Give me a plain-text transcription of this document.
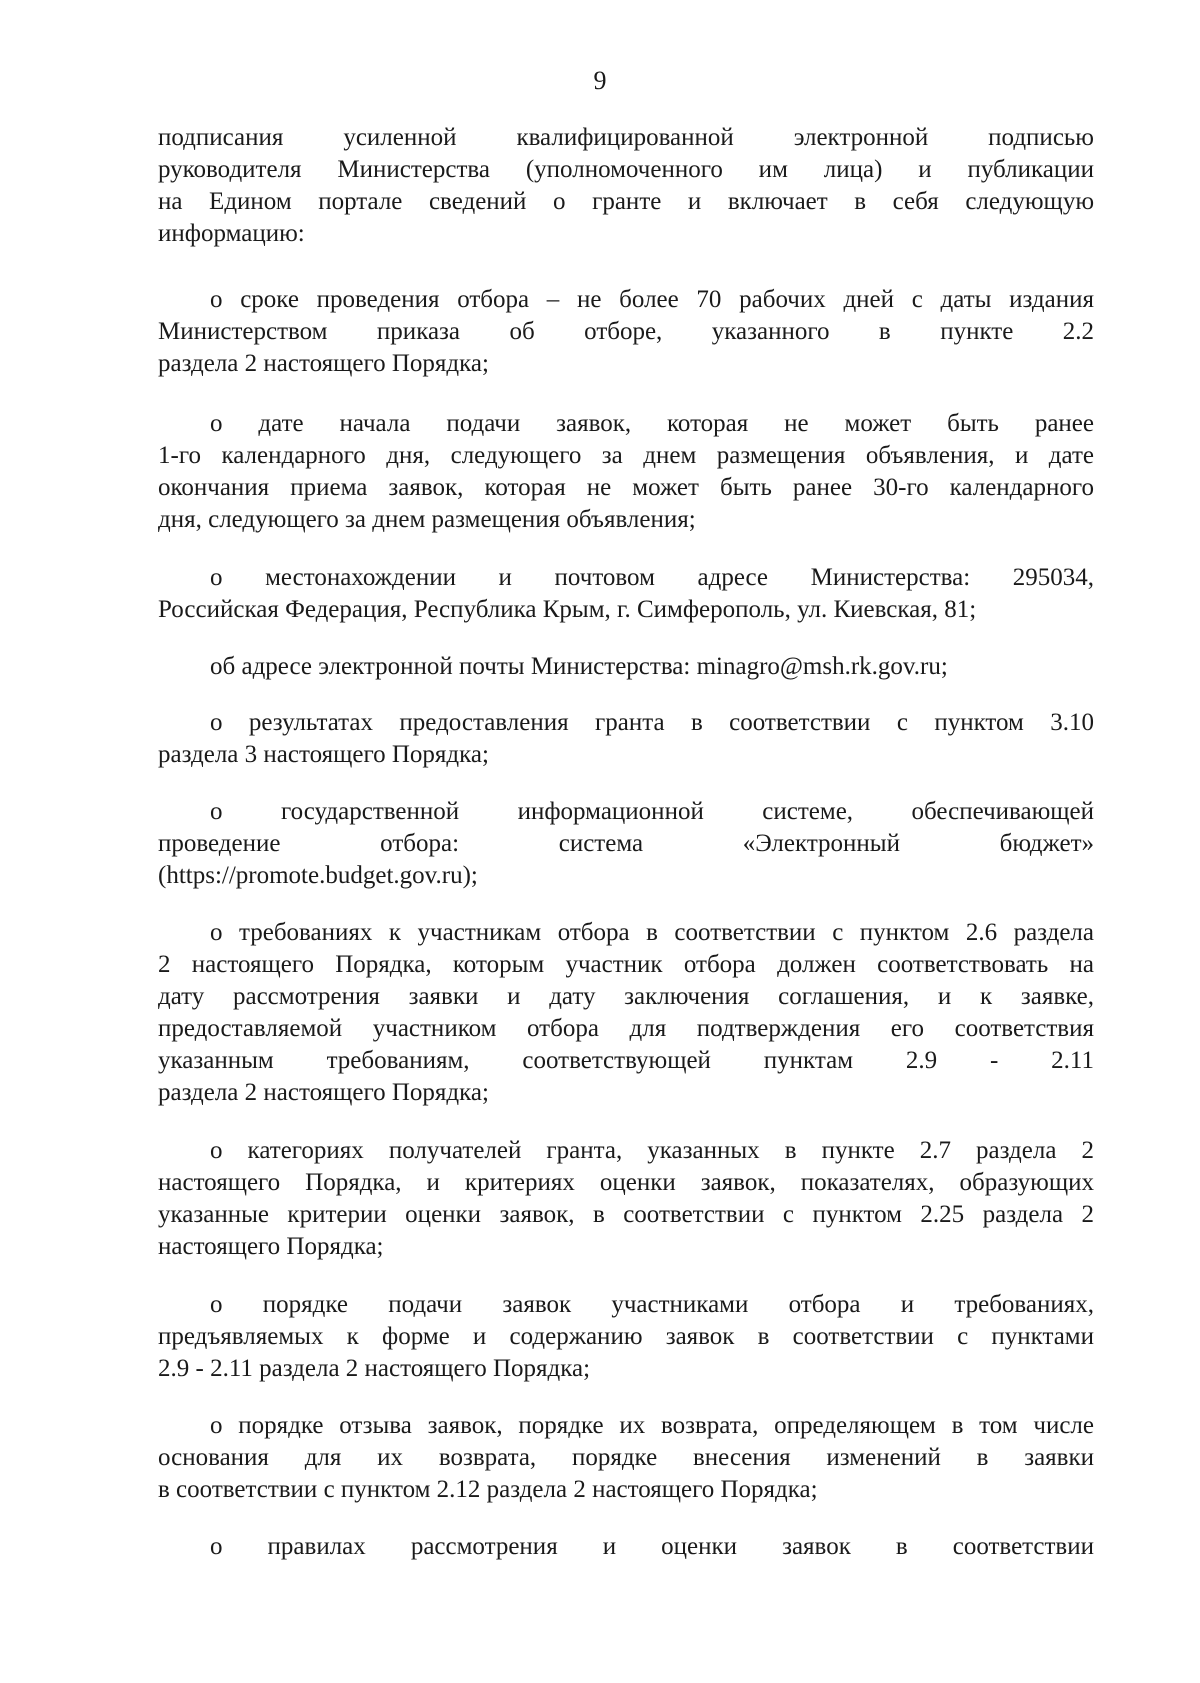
9
подписания усиленной квалифицированной электронной подписью
руководителя Министерства (уполномоченного им лица) и публикации
на Едином портале сведений о гранте и включает в себя следующую
информацию:
о сроке проведения отбора – не более 70 рабочих дней с даты издания
Министерством приказа об отборе, указанного в пункте 2.2
раздела 2 настоящего Порядка;
о дате начала подачи заявок, которая не может быть ранее
1-го календарного дня, следующего за днем размещения объявления, и дате
окончания приема заявок, которая не может быть ранее 30-го календарного
дня, следующего за днем размещения объявления;
о местонахождении и почтовом адресе Министерства: 295034,
Российская Федерация, Республика Крым, г. Симферополь, ул. Киевская, 81;
об адресе электронной почты Министерства: minagro@msh.rk.gov.ru;
о результатах предоставления гранта в соответствии с пунктом 3.10
раздела 3 настоящего Порядка;
о государственной информационной системе, обеспечивающей
проведение отбора: система «Электронный бюджет»
(https://promote.budget.gov.ru);
о требованиях к участникам отбора в соответствии с пунктом 2.6 раздела
2 настоящего Порядка, которым участник отбора должен соответствовать на
дату рассмотрения заявки и дату заключения соглашения, и к заявке,
предоставляемой участником отбора для подтверждения его соответствия
указанным требованиям, соответствующей пунктам 2.9 - 2.11
раздела 2 настоящего Порядка;
о категориях получателей гранта, указанных в пункте 2.7 раздела 2
настоящего Порядка, и критериях оценки заявок, показателях, образующих
указанные критерии оценки заявок, в соответствии с пунктом 2.25 раздела 2
настоящего Порядка;
о порядке подачи заявок участниками отбора и требованиях,
предъявляемых к форме и содержанию заявок в соответствии с пунктами
2.9 - 2.11 раздела 2 настоящего Порядка;
о порядке отзыва заявок, порядке их возврата, определяющем в том числе
основания для их возврата, порядке внесения изменений в заявки
в соответствии с пунктом 2.12 раздела 2 настоящего Порядка;
о правилах рассмотрения и оценки заявок в соответствии
